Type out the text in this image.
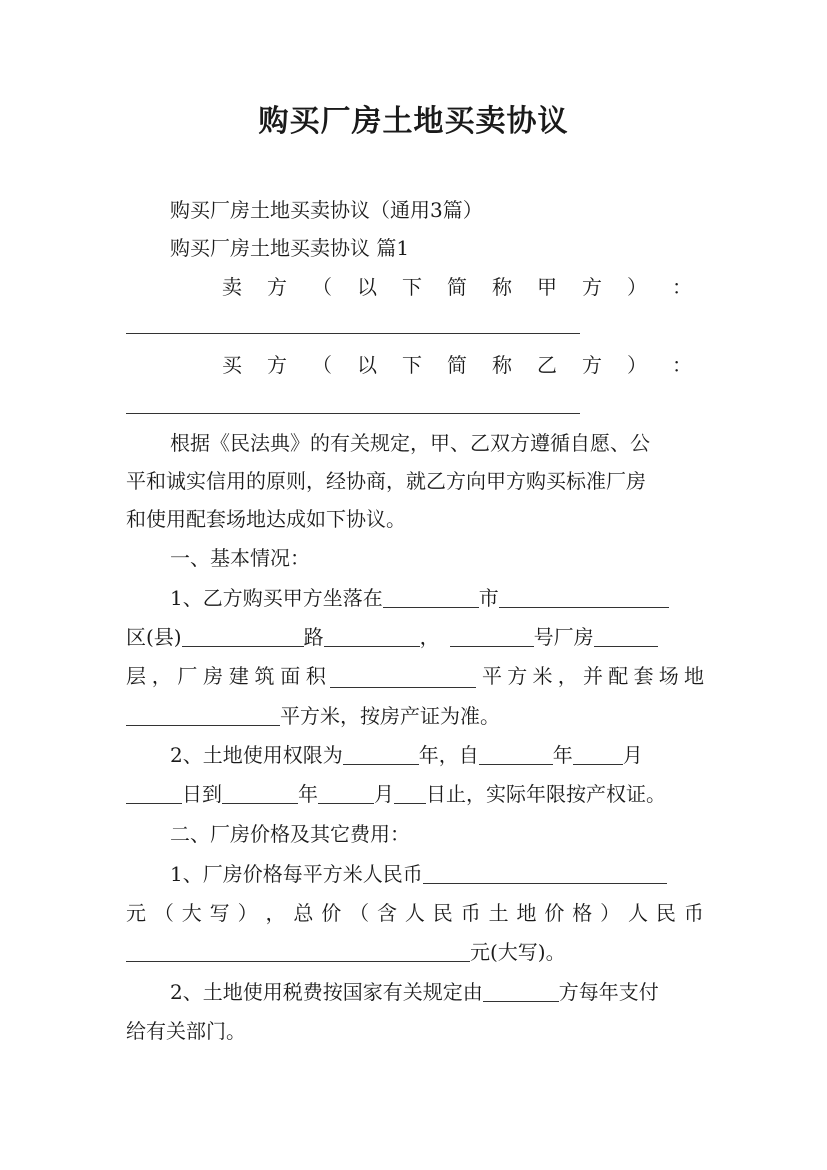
购买厂房土地买卖协议
购买厂房土地买卖协议（通用3篇）
购买厂房土地买卖协议 篇1
卖 方 （ 以 下 简 称 甲 方 ） ：
买 方 （ 以 下 简 称 乙 方 ） ：
根据《民法典》的有关规定，甲、乙双方遵循自愿、公
平和诚实信用的原则，经协商，就乙方向甲方购买标准厂房
和使用配套场地达成如下协议。
一、基本情况：
1、乙方购买甲方坐落在	市
区(县)	路	，	号厂房
层 ， 厂 房 建 筑 面 积	平 方 米 ， 并 配 套 场 地
平方米，按房产证为准。
2、土地使用权限为	年，自	年	月
日到	年	月 日止，实际年限按产权证。
二、厂房价格及其它费用：
1、厂房价格每平方米人民币
元 （ 大 写 ） ， 总 价 （ 含 人 民 币 土 地 价 格 ） 人 民 币
元(大写)。
2、土地使用税费按国家有关规定由	方每年支付
给有关部门。
